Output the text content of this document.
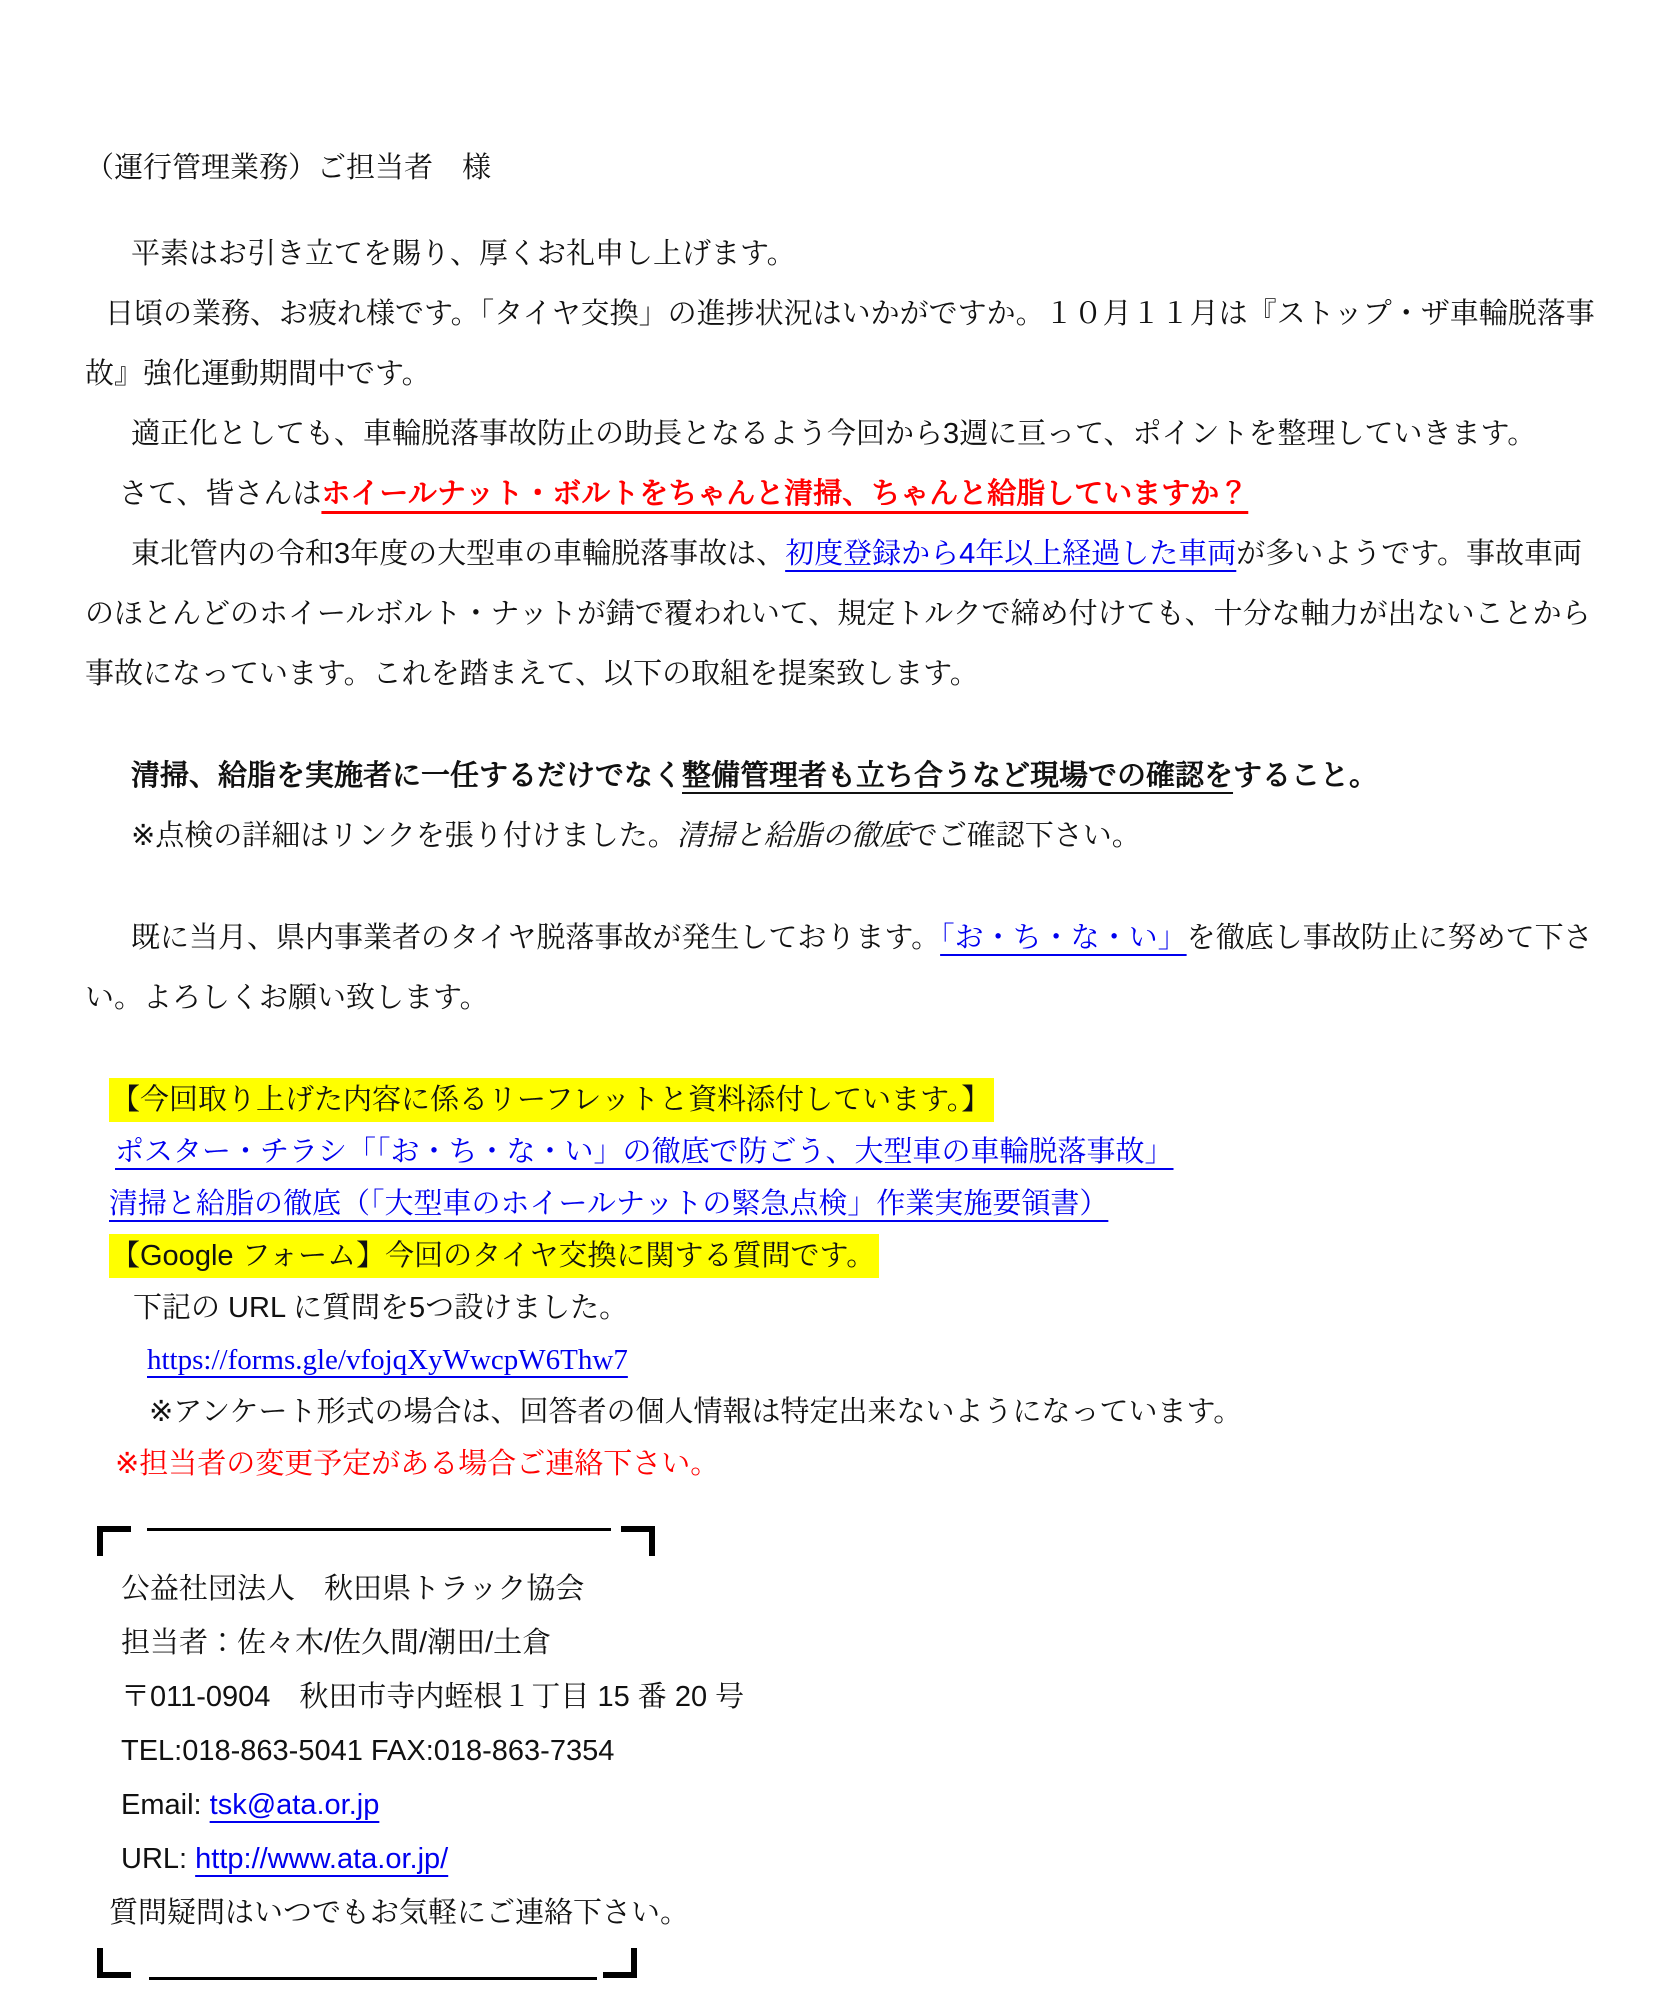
（運行管理業務）ご担当者　様

平素はお引き立てを賜り、厚くお礼申し上げます。

日頃の業務、お疲れ様です。「タイヤ交換」の進捗状況はいかがですか。１０月１１月は『ストップ・ザ車輪脱落事故』強化運動期間中です。

適正化としても、車輪脱落事故防止の助長となるよう今回から3週に亘って、ポイントを整理していきます。

さて、皆さんはホイールナット・ボルトをちゃんと清掃、ちゃんと給脂していますか？

東北管内の令和3年度の大型車の車輪脱落事故は、初度登録から4年以上経過した車両が多いようです。事故車両のほとんどのホイールボルト・ナットが錆で覆われいて、規定トルクで締め付けても、十分な軸力が出ないことから事故になっています。これを踏まえて、以下の取組を提案致します。

清掃、給脂を実施者に一任するだけでなく整備管理者も立ち合うなど現場での確認をすること。

※点検の詳細はリンクを張り付けました。清掃と給脂の徹底でご確認下さい。

既に当月、県内事業者のタイヤ脱落事故が発生しております。「お・ち・な・い」を徹底し事故防止に努めて下さい。よろしくお願い致します。

【今回取り上げた内容に係るリーフレットと資料添付しています。】

ポスター・チラシ「「お・ち・な・い」の徹底で防ごう、大型車の車輪脱落事故」

清掃と給脂の徹底（「大型車のホイールナットの緊急点検」作業実施要領書）

【Google フォーム】今回のタイヤ交換に関する質問です。

下記の URL に質問を5つ設けました。

https://forms.gle/vfojqXyWwcpW6Thw7

※アンケート形式の場合は、回答者の個人情報は特定出来ないようになっています。

※担当者の変更予定がある場合ご連絡下さい。

公益社団法人　秋田県トラック協会

担当者：佐々木/佐久間/潮田/土倉

〒011-0904　秋田市寺内蛭根１丁目 15 番 20 号

TEL:018-863-5041 FAX:018-863-7354

Email: tsk@ata.or.jp

URL: http://www.ata.or.jp/

質問疑問はいつでもお気軽にご連絡下さい。
